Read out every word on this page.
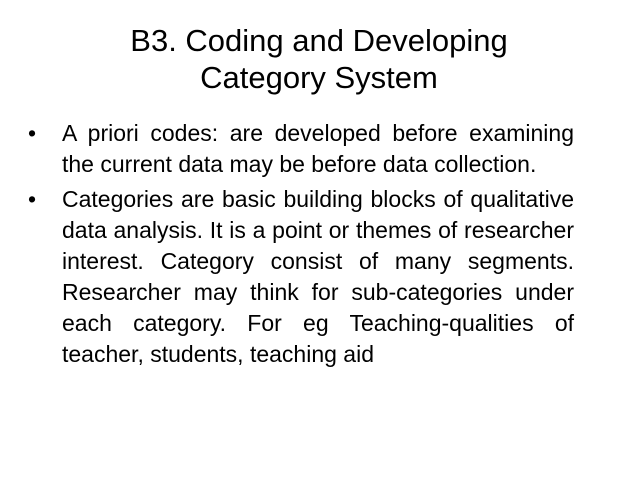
B3. Coding and Developing
Category System
• A priori codes: are developed before examining the current data may be before data collection.
• Categories are basic building blocks of qualitative data analysis. It is a point or themes of researcher interest. Category consist of many segments. Researcher may think for sub-categories under each category. For eg Teaching-qualities of teacher, students, teaching aid
